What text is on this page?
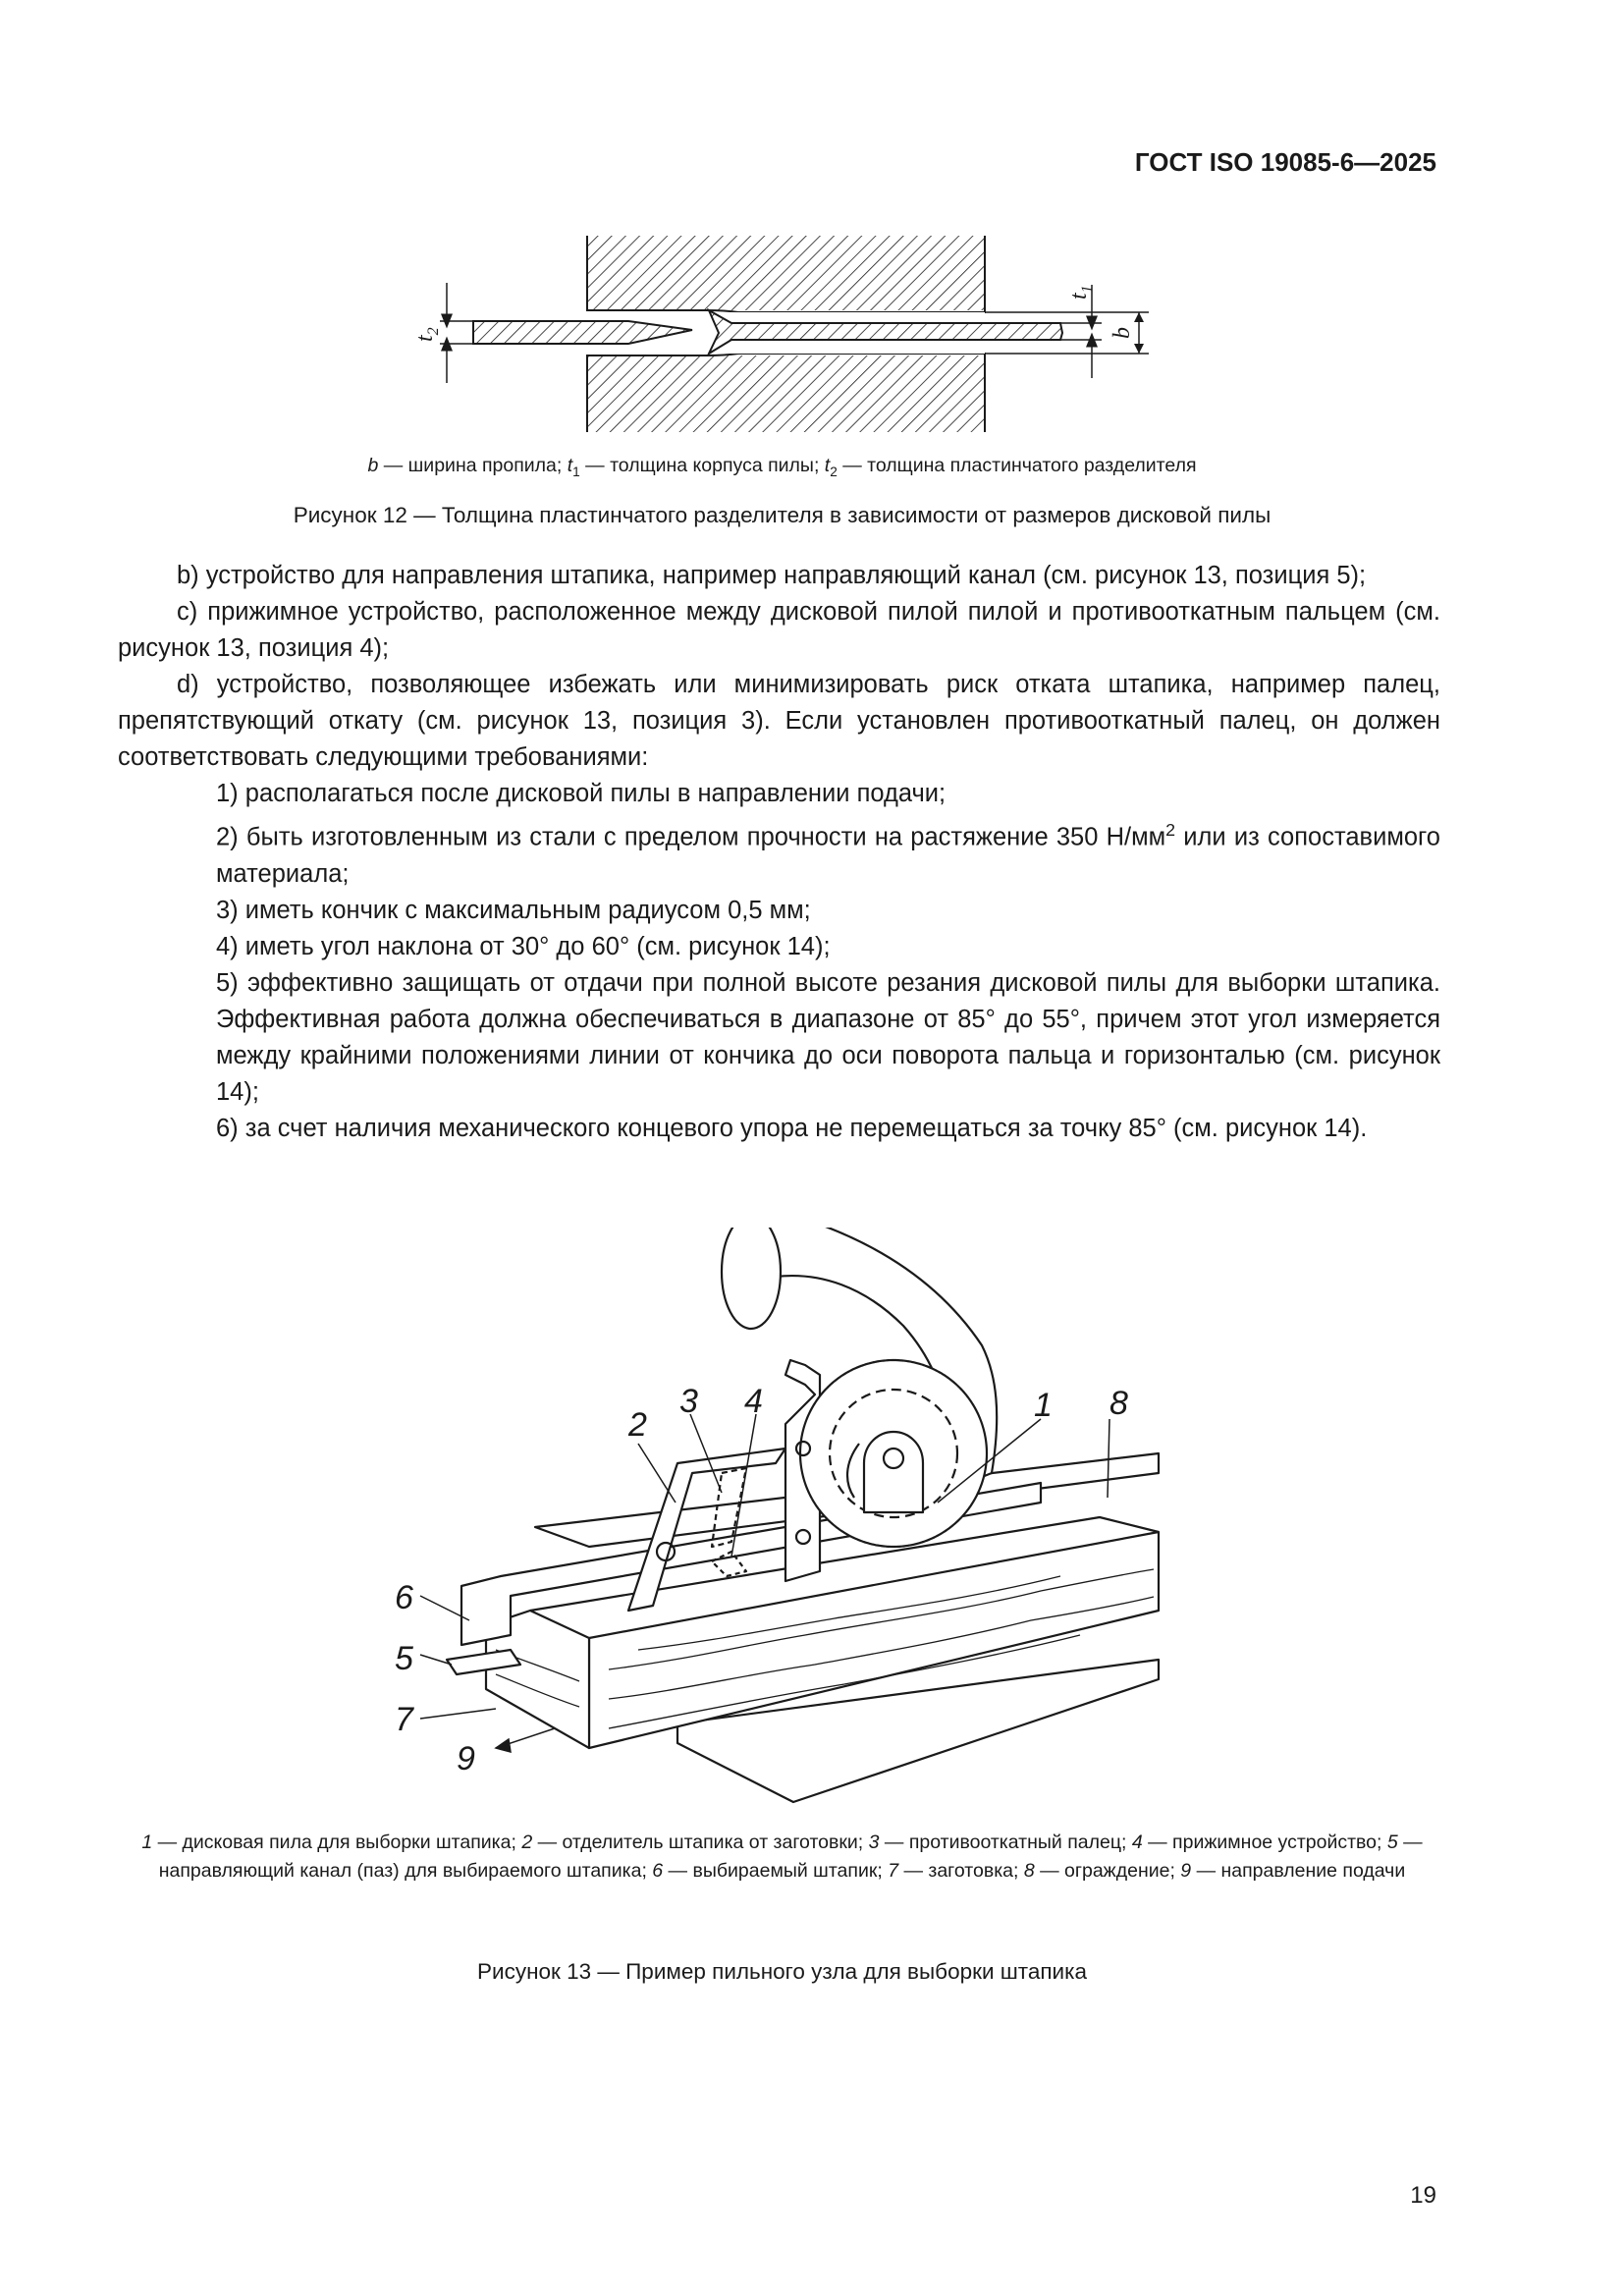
ГОСТ ISO 19085-6—2025
$t_2$
$t_1$
b
b — ширина пропила; $t_1$ — толщина корпуса пилы; $t_2$ — толщина пластинчатого разделителя
Рисунок 12 — Толщина пластинчатого разделителя в зависимости от размеров дисковой пилы

b) устройство для направления штапика, например направляющий канал (см. рисунок 13, позиция 5);

c) прижимное устройство, расположенное между дисковой пилой пилой и противооткатным пальцем (см. рисунок 13, позиция 4);

d) устройство, позволяющее избежать или минимизировать риск отката штапика, например палец, препятствующий откату (см. рисунок 13, позиция 3). Если установлен противооткатный палец, он должен соответствовать следующими требованиями:

1) располагаться после дисковой пилы в направлении подачи;

2) быть изготовленным из стали с пределом прочности на растяжение 350 $Н/мм^2$ или из сопоставимого материала;

3) иметь кончик с максимальным радиусом 0,5 мм;

4) иметь угол наклона от 30° до 60° (см. рисунок 14);

5) эффективно защищать от отдачи при полной высоте резания дисковой пилы для выборки штапика. Эффективная работа должна обеспечиваться в диапазоне от 85° до 55°, причем этот угол измеряется между крайними положениями линии от кончика до оси поворота пальца и горизонталью (см. рисунок 14);

6) за счет наличия механического концевого упора не перемещаться за точку 85° (см. рисунок 14).

1
2
3 4
5
6
7
8
9
1 — дисковая пила для выборки штапика; 2 — отделитель штапика от заготовки; 3 — противооткатный палец; 4 — прижимное устройство; 5 — направляющий канал (паз) для выбираемого штапика; 6 — выбираемый штапик; 7 — заготовка; 8 — ограждение; 9 — направление подачи
Рисунок 13 — Пример пильного узла для выборки штапика
19
